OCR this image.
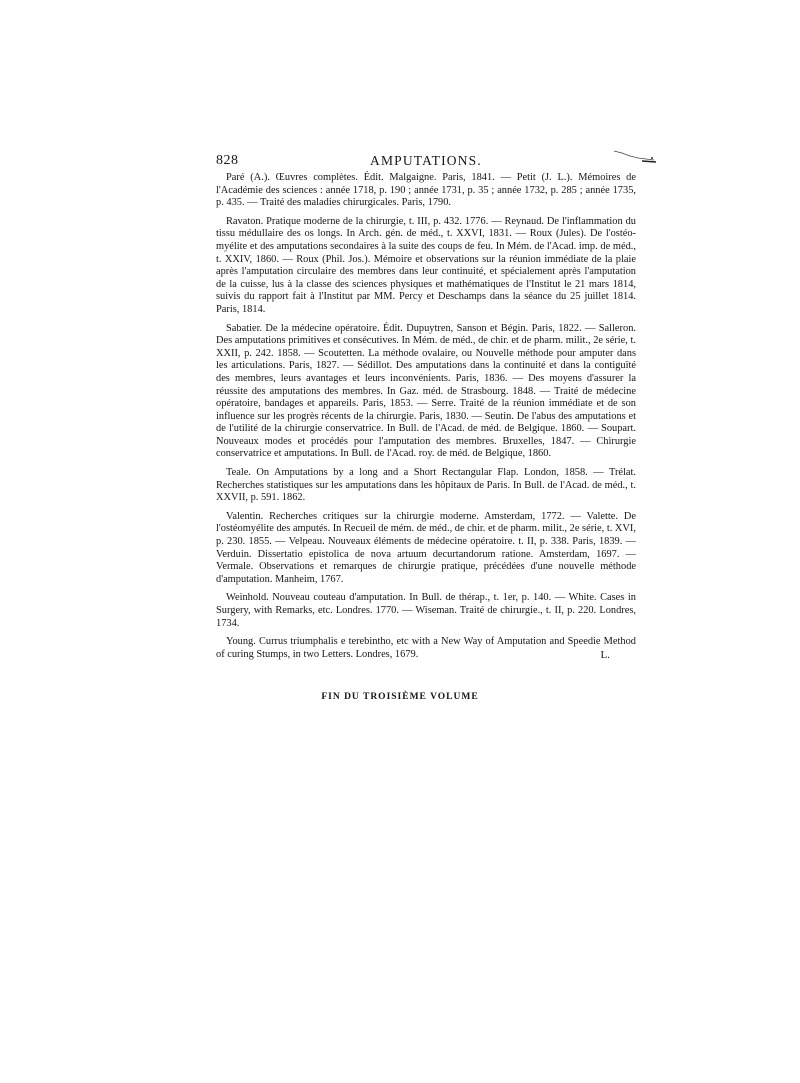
828	AMPUTATIONS.

Paré (A.). Œuvres complètes. Édit. Malgaigne. Paris, 1841. — Petit (J. L.). Mémoires de l'Académie des sciences : année 1718, p. 190 ; année 1731, p. 35 ; année 1732, p. 285 ; année 1735, p. 435. — Traité des maladies chirurgicales. Paris, 1790.

Ravaton. Pratique moderne de la chirurgie, t. III, p. 432. 1776. — Reynaud. De l'inflammation du tissu médullaire des os longs. In Arch. gén. de méd., t. XXVI, 1831. — Roux (Jules). De l'ostéo-myélite et des amputations secondaires à la suite des coups de feu. In Mém. de l'Acad. imp. de méd., t. XXIV, 1860. — Roux (Phil. Jos.). Mémoire et observations sur la réunion immédiate de la plaie après l'amputation circulaire des membres dans leur continuité, et spécialement après l'amputation de la cuisse, lus à la classe des sciences physiques et mathématiques de l'Institut le 21 mars 1814, suivis du rapport fait à l'Institut par MM. Percy et Deschamps dans la séance du 25 juillet 1814. Paris, 1814.

Sabatier. De la médecine opératoire. Édit. Dupuytren, Sanson et Bégin. Paris, 1822. — Salleron. Des amputations primitives et consécutives. In Mém. de méd., de chir. et de pharm. milit., 2e série, t. XXII, p. 242. 1858. — Scoutetten. La méthode ovalaire, ou Nouvelle méthode pour amputer dans les articulations. Paris, 1827. — Sédillot. Des amputations dans la continuité et dans la contiguïté des membres, leurs avantages et leurs inconvénients. Paris, 1836. — Des moyens d'assurer la réussite des amputations des membres. In Gaz. méd. de Strasbourg. 1848. — Traité de médecine opératoire, bandages et appareils. Paris, 1853. — Serre. Traité de la réunion immédiate et de son influence sur les progrès récents de la chirurgie. Paris, 1830. — Seutin. De l'abus des amputations et de l'utilité de la chirurgie conservatrice. In Bull. de l'Acad. de méd. de Belgique. 1860. — Soupart. Nouveaux modes et procédés pour l'amputation des membres. Bruxelles, 1847. — Chirurgie conservatrice et amputations. In Bull. de l'Acad. roy. de méd. de Belgique, 1860.

Teale. On Amputations by a long and a Short Rectangular Flap. London, 1858. — Trélat. Recherches statistiques sur les amputations dans les hôpitaux de Paris. In Bull. de l'Acad. de méd., t. XXVII, p. 591. 1862.

Valentin. Recherches critiques sur la chirurgie moderne. Amsterdam, 1772. — Valette. De l'ostéomyélite des amputés. In Recueil de mém. de méd., de chir. et de pharm. milit., 2e série, t. XVI, p. 230. 1855. — Velpeau. Nouveaux éléments de médecine opératoire. t. II, p. 338. Paris, 1839. — Verduin. Dissertatio epistolica de nova artuum decurtandorum ratione. Amsterdam, 1697. — Vermale. Observations et remarques de chirurgie pratique, précédées d'une nouvelle méthode d'amputation. Manheim, 1767.

Weinhold. Nouveau couteau d'amputation. In Bull. de thérap., t. 1er, p. 140. — White. Cases in Surgery, with Remarks, etc. Londres. 1770. — Wiseman. Traité de chirurgie., t. II, p. 220. Londres, 1734.

Young. Currus triumphalis e terebintho, etc with a New Way of Amputation and Speedie Method of curing Stumps, in two Letters. Londres, 1679.	L.

FIN DU TROISIÈME VOLUME
